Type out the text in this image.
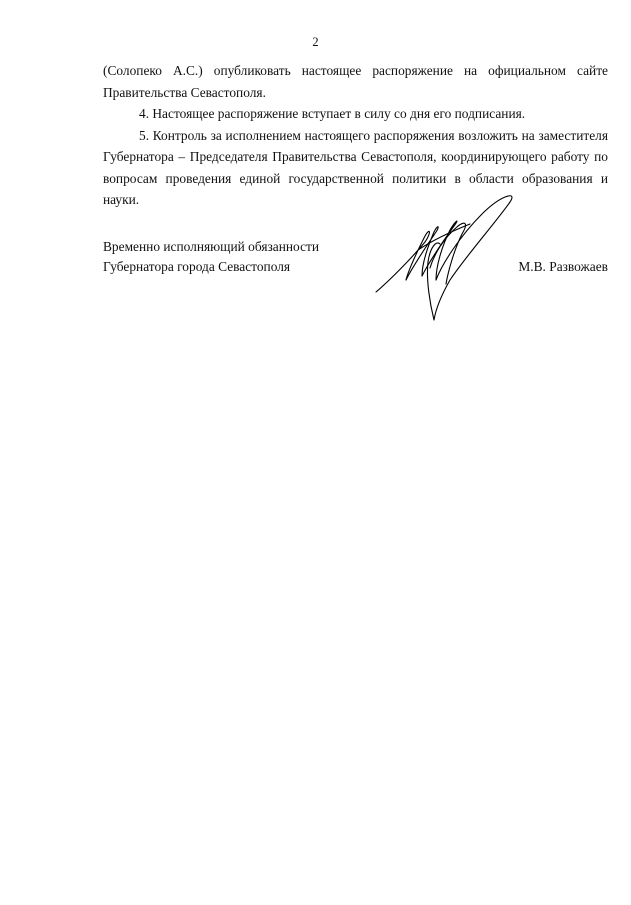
2

(Солопеко А.С.) опубликовать настоящее распоряжение на официальном сайте Правительства Севастополя.

4. Настоящее распоряжение вступает в силу со дня его подписания.

5. Контроль за исполнением настоящего распоряжения возложить на заместителя Губернатора – Председателя Правительства Севастополя, координирующего работу по вопросам проведения единой государственной политики в области образования и науки.

Временно исполняющий обязанности

Губернатора города Севастополя	М.В. Развожаев
